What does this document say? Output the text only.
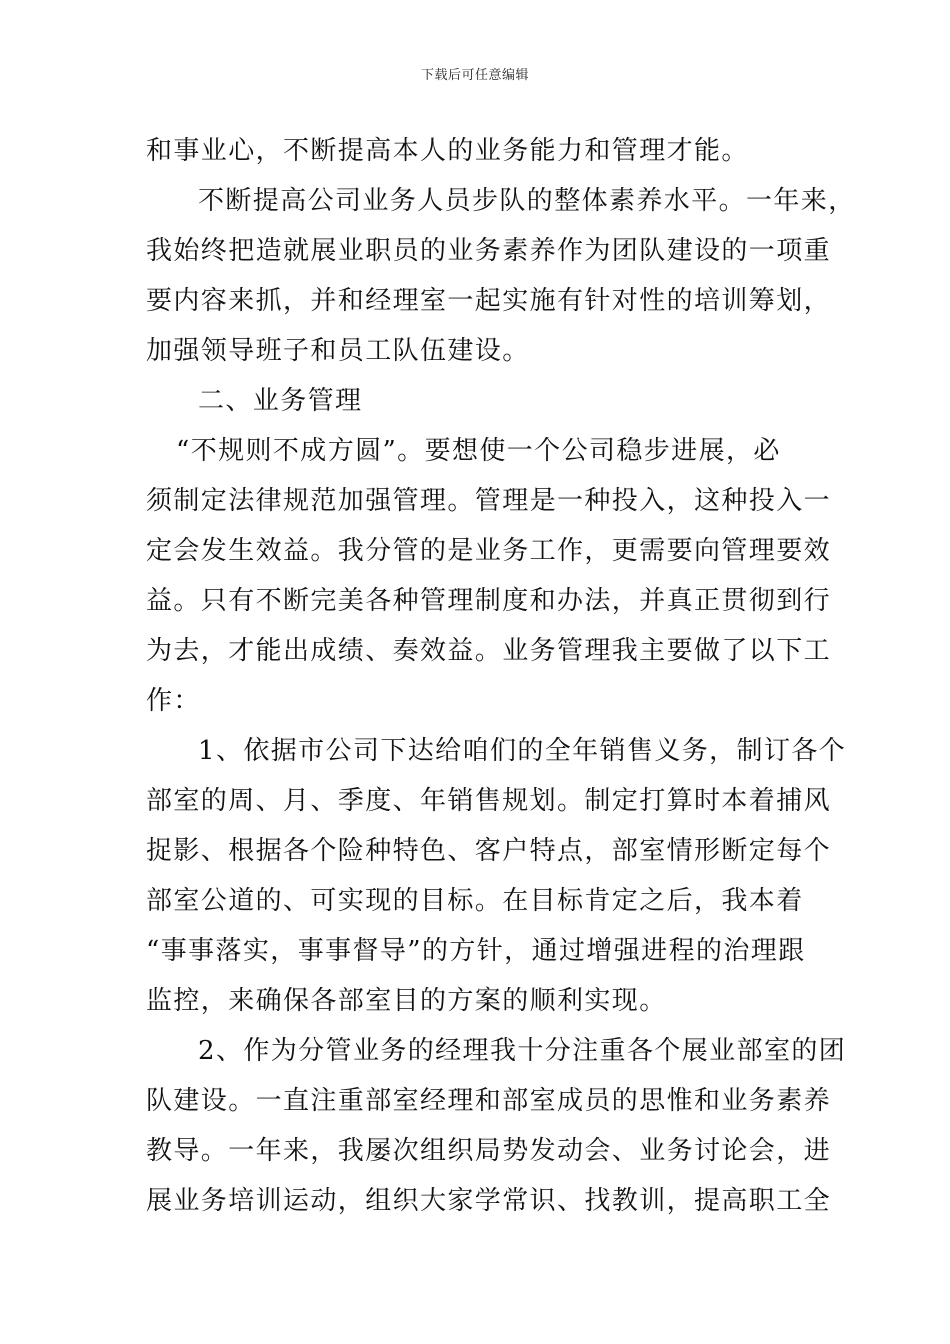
下载后可任意编辑
和事业心，不断提高本人的业务能力和管理才能。
不断提高公司业务人员步队的整体素养水平。一年来，
我始终把造就展业职员的业务素养作为团队建设的一项重
要内容来抓，并和经理室一起实施有针对性的培训筹划，
加强领导班子和员工队伍建设。
二、业务管理
“不规则不成方圆”。要想使一个公司稳步进展，必
须制定法律规范加强管理。管理是一种投入，这种投入一
定会发生效益。我分管的是业务工作，更需要向管理要效
益。只有不断完美各种管理制度和办法，并真正贯彻到行
为去，才能出成绩、奏效益。业务管理我主要做了以下工
作：
1、依据市公司下达给咱们的全年销售义务，制订各个
部室的周、月、季度、年销售规划。制定打算时本着捕风
捉影、根据各个险种特色、客户特点，部室情形断定每个
部室公道的、可实现的目标。在目标肯定之后，我本着
“事事落实，事事督导”的方针，通过增强进程的治理跟
监控，来确保各部室目的方案的顺利实现。
2、作为分管业务的经理我十分注重各个展业部室的团
队建设。一直注重部室经理和部室成员的思惟和业务素养
教导。一年来，我屡次组织局势发动会、业务讨论会，进
展业务培训运动，组织大家学常识、找教训，提高职工全
